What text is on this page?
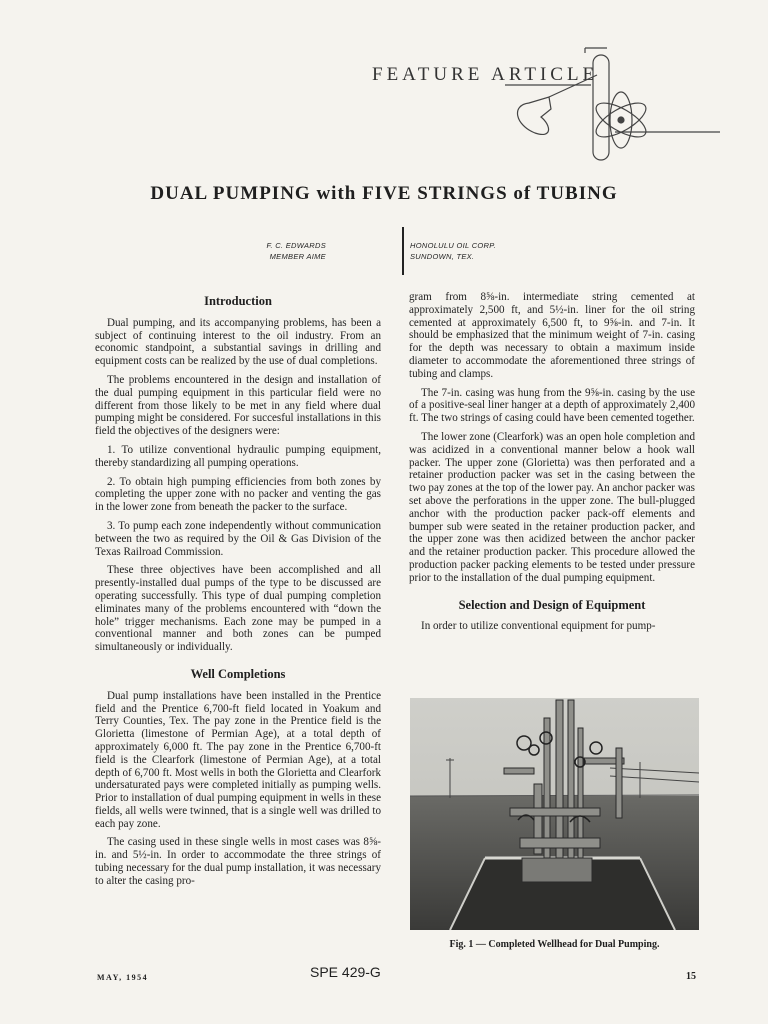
FEATURE ARTICLE
DUAL PUMPING with FIVE STRINGS of TUBING
F. C. EDWARDS
MEMBER AIME
HONOLULU OIL CORP.
SUNDOWN, TEX.
Introduction

Dual pumping, and its accompanying problems, has been a subject of continuing interest to the oil industry. From an economic standpoint, a substantial savings in drilling and equipment costs can be realized by the use of dual completions.

The problems encountered in the design and installation of the dual pumping equipment in this particular field were no different from those likely to be met in any field where dual pumping might be considered. For succesful installations in this field the objectives of the designers were:

1. To utilize conventional hydraulic pumping equipment, thereby standardizing all pumping operations.

2. To obtain high pumping efficiencies from both zones by completing the upper zone with no packer and venting the gas in the lower zone from beneath the packer to the surface.

3. To pump each zone independently without communication between the two as required by the Oil & Gas Division of the Texas Railroad Commission.

These three objectives have been accomplished and all presently-installed dual pumps of the type to be discussed are operating successfully. This type of dual pumping completion eliminates many of the problems encountered with “down the hole” trigger mechanisms. Each zone may be pumped in a conventional manner and both zones can be pumped simultaneously or individually.

Well Completions

Dual pump installations have been installed in the Prentice field and the Prentice 6,700-ft field located in Yoakum and Terry Counties, Tex. The pay zone in the Prentice field is the Glorietta (limestone of Permian Age), at a total depth of approximately 6,000 ft. The pay zone in the Prentice 6,700-ft field is the Clearfork (limestone of Permian Age), at a total depth of 6,700 ft. Most wells in both the Glorietta and Clearfork undersaturated pays were completed initially as pumping wells. Prior to installation of dual pumping equipment in wells in these fields, all wells were twinned, that is a single well was drilled to each pay zone.

The casing used in these single wells in most cases was 8⅝-in. and 5½-in. In order to accommodate the three strings of tubing necessary for the dual pump installation, it was necessary to alter the casing pro-

gram from 8⅝-in. intermediate string cemented at approximately 2,500 ft, and 5½-in. liner for the oil string cemented at approximately 6,500 ft, to 9⅝-in. and 7-in. It should be emphasized that the minimum weight of 7-in. casing for the depth was necessary to obtain a maximum inside diameter to accommodate the aforementioned three strings of tubing and clamps.

The 7-in. casing was hung from the 9⅝-in. casing by the use of a positive-seal liner hanger at a depth of approximately 2,400 ft. The two strings of casing could have been cemented together.

The lower zone (Clearfork) was an open hole completion and was acidized in a conventional manner below a hook wall packer. The upper zone (Glorietta) was then perforated and a retainer production packer was set in the casing between the two pay zones at the top of the lower pay. An anchor packer was set above the perforations in the upper zone. The bull-plugged anchor with the production packer pack-off elements and bumper sub were seated in the retainer production packer, and the upper zone was then acidized between the anchor packer and the retainer production packer. This procedure allowed the production packer packing elements to be tested under pressure prior to the installation of the dual pumping equipment.

Selection and Design of Equipment

In order to utilize conventional equipment for pump-

Fig. 1 — Completed Wellhead for Dual Pumping.
MAY, 1954	SPE 429-G	15
